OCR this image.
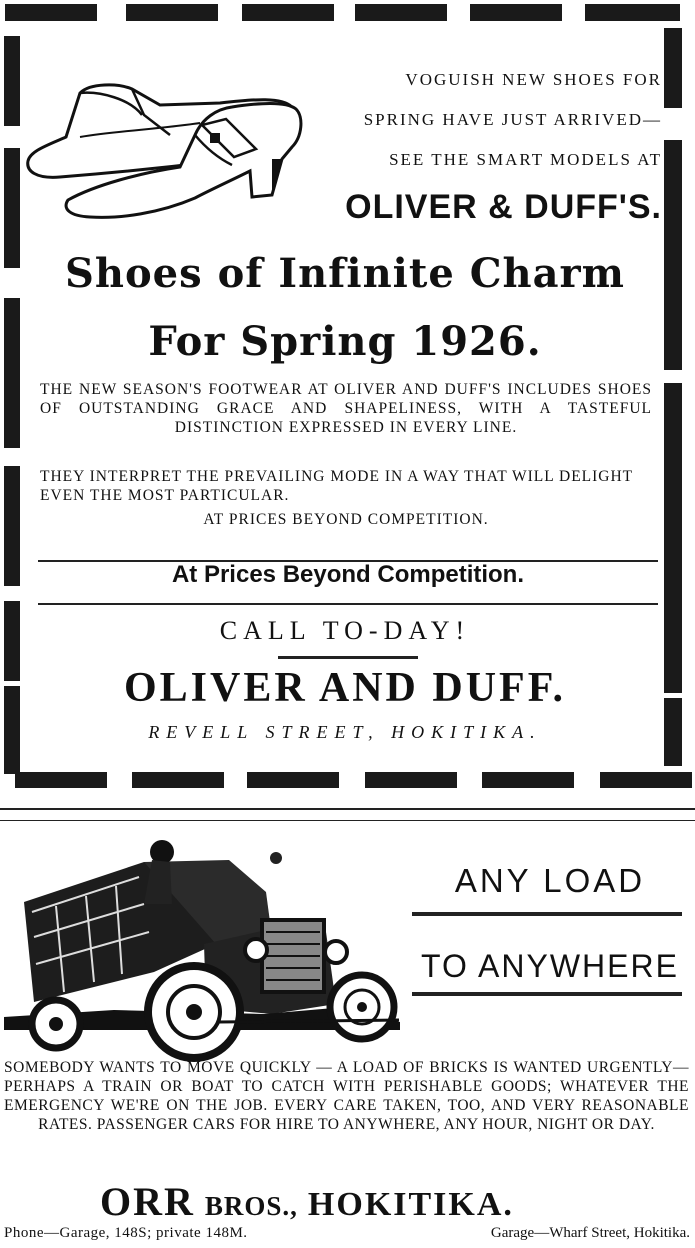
VOGUISH NEW SHOES FOR
SPRING HAVE JUST ARRIVED—
SEE THE SMART MODELS AT
OLIVER & DUFF'S.
Shoes of Infinite Charm
For Spring 1926.
THE NEW SEASON'S FOOTWEAR AT OLIVER AND DUFF'S INCLUDES SHOES OF OUTSTANDING GRACE AND SHAPELINESS, WITH A TASTEFUL DISTINCTION EXPRESSED IN EVERY LINE.
THEY INTERPRET THE PREVAILING MODE IN A WAY THAT WILL DELIGHT EVEN THE MOST PARTICULAR.
AT PRICES BEYOND COMPETITION.
At Prices Beyond Competition.
CALL TO-DAY!
OLIVER AND DUFF.
REVELL STREET, HOKITIKA.
ANY LOAD
TO ANYWHERE
SOMEBODY WANTS TO MOVE QUICKLY — A LOAD OF BRICKS IS WANTED URGENTLY—PERHAPS A TRAIN OR BOAT TO CATCH WITH PERISHABLE GOODS; WHATEVER THE EMERGENCY WE'RE ON THE JOB. EVERY CARE TAKEN, TOO, AND VERY REASONABLE RATES. PASSENGER CARS FOR HIRE TO ANYWHERE, ANY HOUR, NIGHT OR DAY.
ORR BROS., HOKITIKA.
Phone—Garage, 148S; private 148M.	Garage—Wharf Street, Hokitika.
